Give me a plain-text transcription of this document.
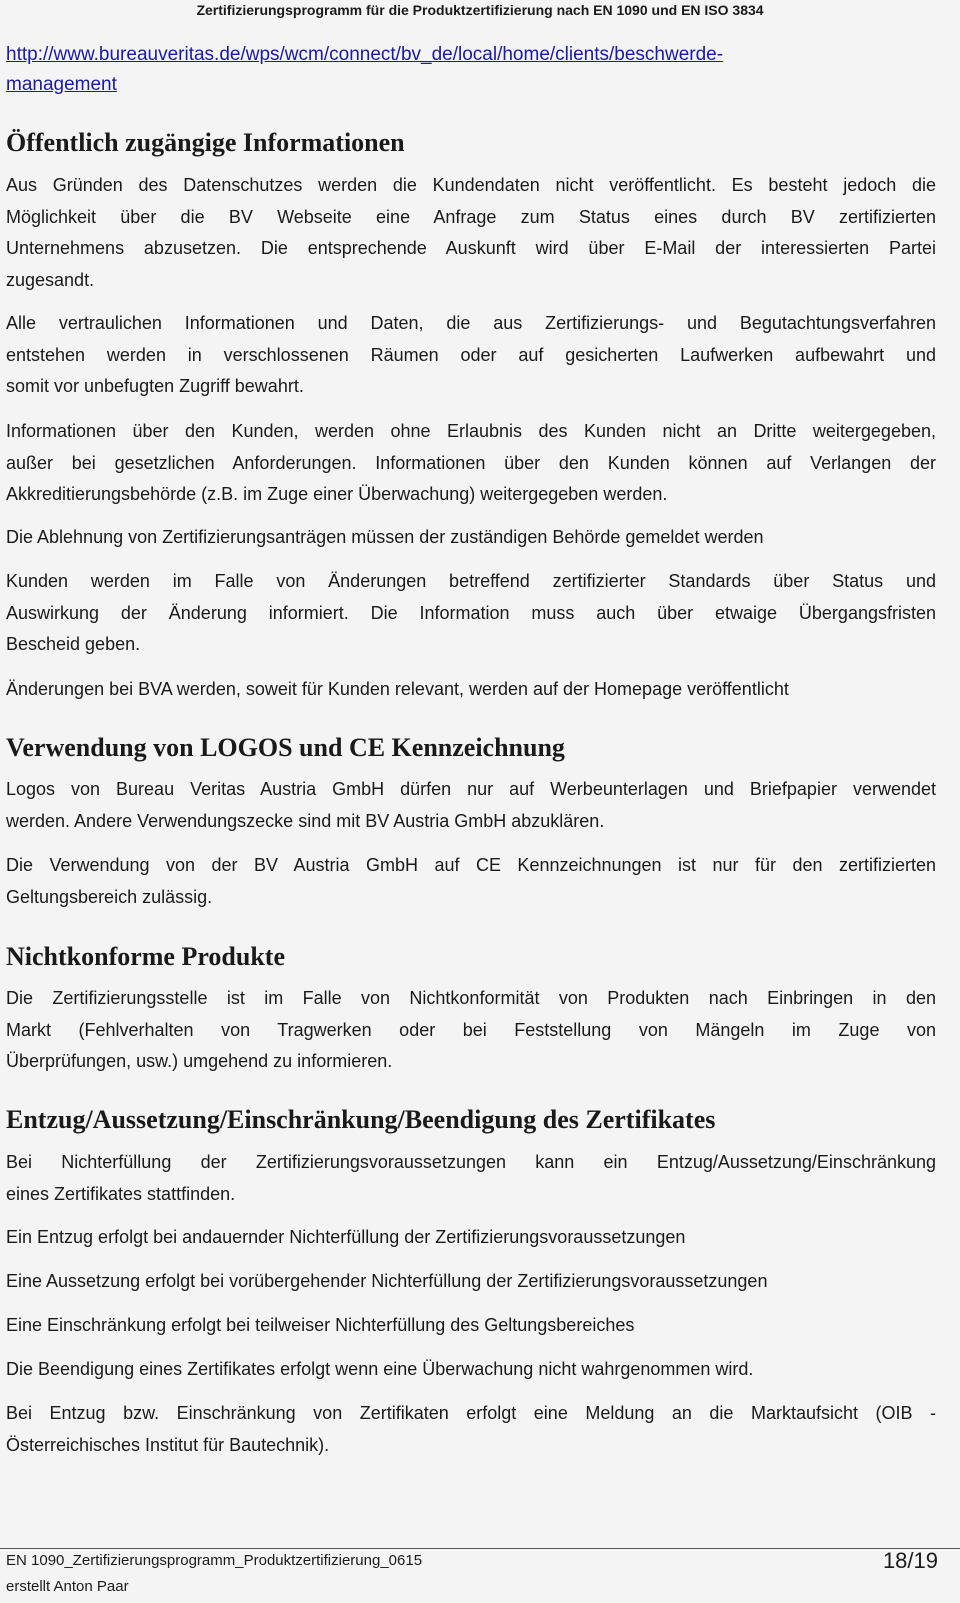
Zertifizierungsprogramm für die Produktzertifizierung nach EN 1090 und EN ISO 3834
http://www.bureauveritas.de/wps/wcm/connect/bv_de/local/home/clients/beschwerde-
management
Öffentlich zugängige Informationen
Aus Gründen des Datenschutzes werden die Kundendaten nicht veröffentlicht. Es besteht jedoch die
Möglichkeit über die BV Webseite eine Anfrage zum Status eines durch BV zertifizierten
Unternehmens abzusetzen. Die entsprechende Auskunft wird über E-Mail der interessierten Partei
zugesandt.
Alle vertraulichen Informationen und Daten, die aus Zertifizierungs- und Begutachtungsverfahren
entstehen werden in verschlossenen Räumen oder auf gesicherten Laufwerken aufbewahrt und
somit vor unbefugten Zugriff bewahrt.
Informationen über den Kunden, werden ohne Erlaubnis des Kunden nicht an Dritte weitergegeben,
außer bei gesetzlichen Anforderungen. Informationen über den Kunden können auf Verlangen der
Akkreditierungsbehörde (z.B. im Zuge einer Überwachung) weitergegeben werden.
Die Ablehnung von Zertifizierungsanträgen müssen der zuständigen Behörde gemeldet werden
Kunden werden im Falle von Änderungen betreffend zertifizierter Standards über Status und
Auswirkung der Änderung informiert. Die Information muss auch über etwaige Übergangsfristen
Bescheid geben.
Änderungen bei BVA werden, soweit für Kunden relevant, werden auf der Homepage veröffentlicht
Verwendung von LOGOS und CE Kennzeichnung
Logos von Bureau Veritas Austria GmbH dürfen nur auf Werbeunterlagen und Briefpapier verwendet
werden. Andere Verwendungszecke sind mit BV Austria GmbH abzuklären.
Die Verwendung von der BV Austria GmbH auf CE Kennzeichnungen ist nur für den zertifizierten
Geltungsbereich zulässig.
Nichtkonforme Produkte
Die Zertifizierungsstelle ist im Falle von Nichtkonformität von Produkten nach Einbringen in den
Markt (Fehlverhalten von Tragwerken oder bei Feststellung von Mängeln im Zuge von
Überprüfungen, usw.) umgehend zu informieren.
Entzug/Aussetzung/Einschränkung/Beendigung des Zertifikates
Bei Nichterfüllung der Zertifizierungsvoraussetzungen kann ein Entzug/Aussetzung/Einschränkung
eines Zertifikates stattfinden.
Ein Entzug erfolgt bei andauernder Nichterfüllung der Zertifizierungsvoraussetzungen
Eine Aussetzung erfolgt bei vorübergehender Nichterfüllung der Zertifizierungsvoraussetzungen
Eine Einschränkung erfolgt bei teilweiser Nichterfüllung des Geltungsbereiches
Die Beendigung eines Zertifikates erfolgt wenn eine Überwachung nicht wahrgenommen wird.
Bei Entzug bzw. Einschränkung von Zertifikaten erfolgt eine Meldung an die Marktaufsicht (OIB -
Österreichisches Institut für Bautechnik).
EN 1090_Zertifizierungsprogramm_Produktzertifizierung_0615
erstellt Anton Paar
18/19
